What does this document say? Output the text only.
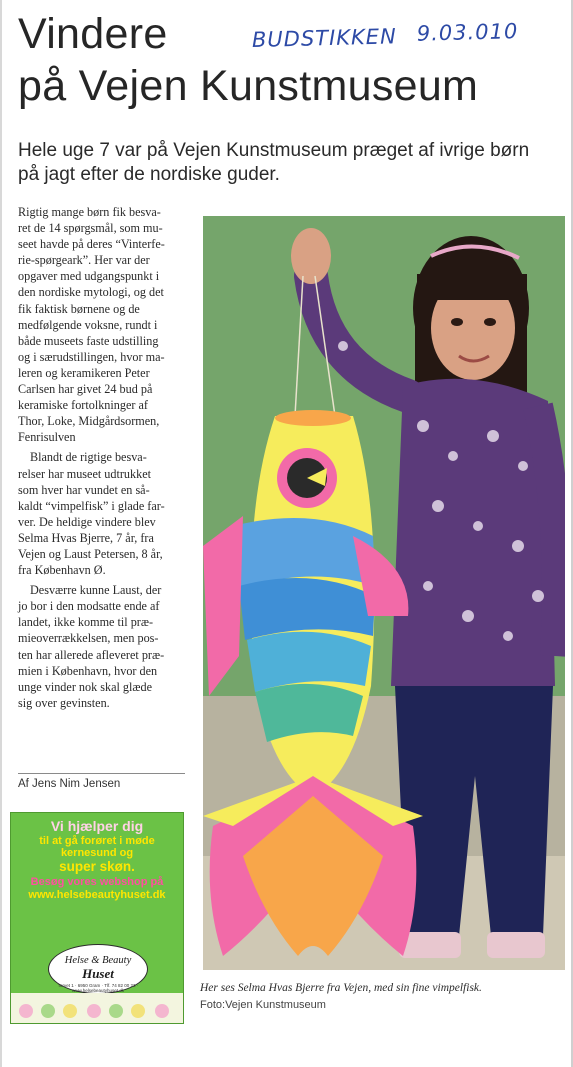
BUDSTIKKEN 9.03.010
Vindere
på Vejen Kunstmuseum
Hele uge 7 var på Vejen Kunstmuseum præget af ivrige børn
på jagt efter de nordiske guder.

Rigtig mange børn fik besva-
ret de 14 spørgsmål, som mu-
seet havde på deres “Vinterfe-
rie-spørgeark”. Her var der
opgaver med udgangspunkt i
den nordiske mytologi, og det
fik faktisk børnene og de
medfølgende voksne, rundt i
både museets faste udstilling
og i særudstillingen, hvor ma-
leren og keramikeren Peter
Carlsen har givet 24 bud på
keramiske fortolkninger af
Thor, Loke, Midgårdsormen,
Fenrisulven

Blandt de rigtige besva-
relser har museet udtrukket
som hver har vundet en så-
kaldt “vimpelfisk” i glade far-
ver. De heldige vindere blev
Selma Hvas Bjerre, 7 år, fra
Vejen og Laust Petersen, 8 år,
fra København Ø.

Desværre kunne Laust, der
jo bor i den modsatte ende af
landet, ikke komme til præ-
mieoverrækkelsen, men pos-
ten har allerede afleveret præ-
mien i København, hvor den
unge vinder nok skal glæde
sig over gevinsten.

Af Jens Nim Jensen
Vi hjælper dig
til at gå forøret i møde
kernesund og
super skøn.
Besøg vores webshop på
www.helsebeautyhuset.dk
Helse & Beauty
Huset
Torvet 1 · 6950 Gram · Tlf. 74 82 00 23 · www.helsebeautyhuset.dk	Her ses Selma Hvas Bjerre fra Vejen, med sin fine vimpelfisk.
Foto:Vejen Kunstmuseum
